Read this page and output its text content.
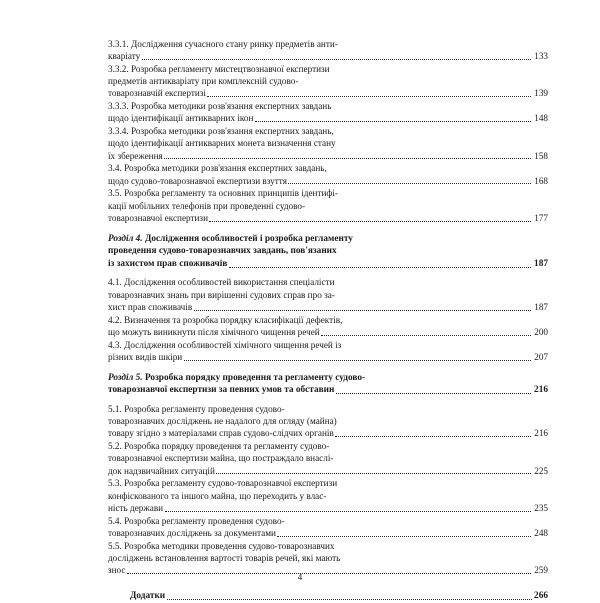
3.3.1. Дослідження сучасного стану ринку предметів анти-
кваріату	133
3.3.2. Розробка регламенту мистецтвознавчої експертизи
предметів антикваріату при комплексній судово-
товарознавчій експертизі	139
3.3.3. Розробка методики розв'язання експертних завдань
щодо ідентифікації антикварних ікон	148
3.3.4. Розробка методики розв'язання експертних завдань,
щодо ідентифікації антикварних монета визначення стану
їх збереження	158
3.4. Розробка методики розв'язання експертних завдань,
щодо судово-товарознавчої експертизи взуття	168
3.5. Розробка регламенту та основних принципів ідентифі-
кації мобільних телефонів при проведенні судово-
товарознавчої експертизи	177
Розділ 4. Дослідження особливостей і розробка регламенту
проведення судово-товарознавчих завдань, пов'язаних
із захистом прав споживачів	187
4.1. Дослідження особливостей використання спеціалісти
товарознавчих знань при вирішенні судових справ про за-
хист прав споживачів	187
4.2. Визначення та розробка порядку класифікації дефектів,
що можуть виникнути після хімічного чищення речей	200
4.3. Дослідження особливостей хімічного чищення речей із
різних видів шкіри	207
Розділ 5. Розробка порядку проведення та регламенту судово-
товарознавчої експертизи за певних умов та обставин	216
5.1. Розробка регламенту проведення судово-
товарознавчих досліджень не надалого для огляду (майна)
товару згідно з матеріалами справ судово-слідчих органів	216
5.2. Розробка порядку проведення та регламенту судово-
товарознавчої експертизи майна, що постраждало внаслі-
док надзвичайних ситуацій	225
5.3. Розробка регламенту судово-товарознавчої експертизи
конфіскованого та іншого майна, що переходить у влас-
ність держави	235
5.4. Розробка регламенту проведення судово-
товарознавчих досліджень за документами	248
5.5. Розробка методики проведення судово-товарознавчих
досліджень встановлення вартості товарів речей, які мають
знос	259
Додатки	266
4
